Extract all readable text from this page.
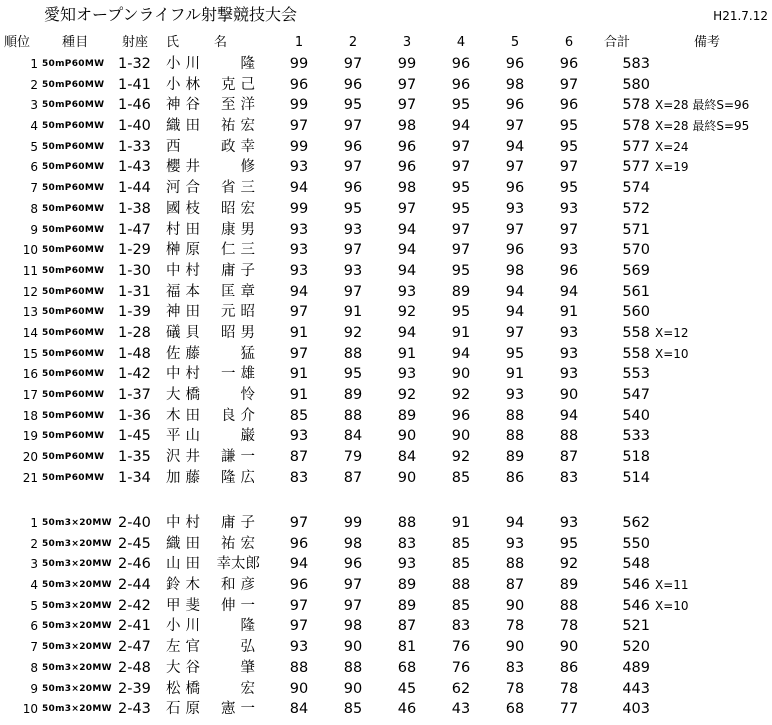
愛知オープンライフル射撃競技大会	H21.7.12
順位	種目	射座	氏	名	1	2	3	4	5	6	合計	備考
1 50mP60MW 1-32	小川	隆	99	97	99	96	96	96	583
2 50mP60MW 1-41	小林	克己	96	96	97	96	98	97	580
3 50mP60MW 1-46	神谷	至洋	99	95	97	95	96	96	578 X=28 最終S=96
4 50mP60MW 1-40	織田	祐宏	97	97	98	94	97	95	578 X=28 最終S=95
5 50mP60MW 1-33	西	政幸	99	96	96	97	94	95	577 X=24
6 50mP60MW 1-43	櫻井	修	93	97	96	97	97	97	577 X=19
7 50mP60MW 1-44	河合	省三	94	96	98	95	96	95	574
8 50mP60MW 1-38	國枝	昭宏	99	95	97	95	93	93	572
9 50mP60MW 1-47	村田	康男	93	93	94	97	97	97	571
10 50mP60MW 1-29	榊原	仁三	93	97	94	97	96	93	570
11 50mP60MW 1-30	中村	庸子	93	93	94	95	98	96	569
12 50mP60MW 1-31	福本	匡章	94	97	93	89	94	94	561
13 50mP60MW 1-39	神田	元昭	97	91	92	95	94	91	560
14 50mP60MW 1-28	礒貝	昭男	91	92	94	91	97	93	558 X=12
15 50mP60MW 1-48	佐藤	猛	97	88	91	94	95	93	558 X=10
16 50mP60MW 1-42	中村	一雄	91	95	93	90	91	93	553
17 50mP60MW 1-37	大橋	怜	91	89	92	92	93	90	547
18 50mP60MW 1-36	木田	良介	85	88	89	96	88	94	540
19 50mP60MW 1-45	平山	巌	93	84	90	90	88	88	533
20 50mP60MW 1-35	沢井	謙一	87	79	84	92	89	87	518
21 50mP60MW 1-34	加藤	隆広	83	87	90	85	86	83	514
1 50m3×20MW 2-40	中村	庸子	97	99	88	91	94	93	562
2 50m3×20MW 2-45	織田	祐宏	96	98	83	85	93	95	550
3 50m3×20MW 2-46	山田 幸太郎	94	96	93	85	88	92	548
4 50m3×20MW 2-44	鈴木	和彦	96	97	89	88	87	89	546 X=11
5 50m3×20MW 2-42	甲斐	伸一	97	97	89	85	90	88	546 X=10
6 50m3×20MW 2-41	小川	隆	97	98	87	83	78	78	521
7 50m3×20MW 2-47	左官	弘	93	90	81	76	90	90	520
8 50m3×20MW 2-48	大谷	肇	88	88	68	76	83	86	489
9 50m3×20MW 2-39	松橋	宏	90	90	45	62	78	78	443
10 50m3×20MW 2-43	石原	憲一	84	85	46	43	68	77	403
